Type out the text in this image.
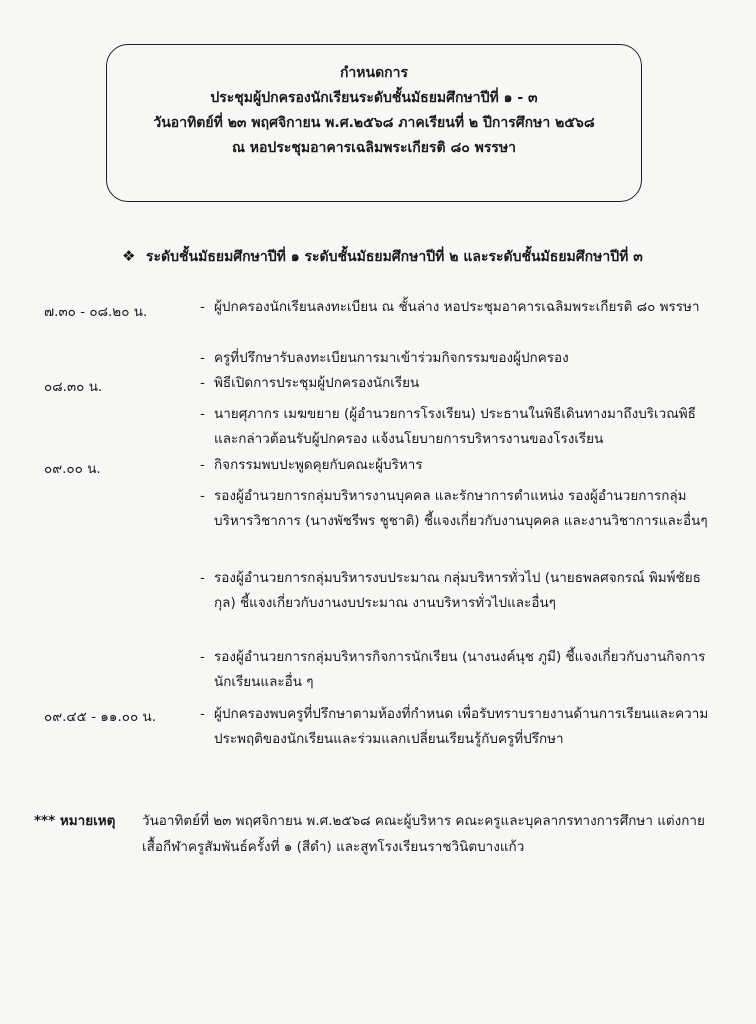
กำหนดการ
ประชุมผู้ปกครองนักเรียนระดับชั้นมัธยมศึกษาปีที่ ๑ - ๓
วันอาทิตย์ที่ ๒๓ พฤศจิกายน พ.ศ.๒๕๖๘ ภาคเรียนที่ ๒ ปีการศึกษา ๒๕๖๘
ณ หอประชุมอาคารเฉลิมพระเกียรติ ๘๐ พรรษา
❖ ระดับชั้นมัธยมศึกษาปีที่ ๑ ระดับชั้นมัธยมศึกษาปีที่ ๒ และระดับชั้นมัธยมศึกษาปีที่ ๓
๗.๓๐ - ๐๘.๒๐ น.
๐๘.๓๐ น.
๐๙.๐๐ น.
๐๙.๔๕ - ๑๑.๐๐ น.
- ผู้ปกครองนักเรียนลงทะเบียน ณ ชั้นล่าง หอประชุมอาคารเฉลิมพระเกียรติ ๘๐ พรรษา
- ครูที่ปรึกษารับลงทะเบียนการมาเข้าร่วมกิจกรรมของผู้ปกครอง
- พิธีเปิดการประชุมผู้ปกครองนักเรียน
- นายศุภากร เมฆขยาย (ผู้อำนวยการโรงเรียน) ประธานในพิธีเดินทางมาถึงบริเวณพิธี และกล่าวต้อนรับผู้ปกครอง แจ้งนโยบายการบริหารงานของโรงเรียน
- กิจกรรมพบปะพูดคุยกับคณะผู้บริหาร
- รองผู้อำนวยการกลุ่มบริหารงานบุคคล และรักษาการตำแหน่ง รองผู้อำนวยการกลุ่มบริหารวิชาการ (นางพัชรีพร ชูชาติ) ชี้แจงเกี่ยวกับงานบุคคล และงานวิชาการและอื่นๆ
- รองผู้อำนวยการกลุ่มบริหารงบประมาณ กลุ่มบริหารทั่วไป (นายธพลศจกรณ์ พิมพ์ชัยธกุล) ชี้แจงเกี่ยวกับงานงบประมาณ งานบริหารทั่วไปและอื่นๆ
- รองผู้อำนวยการกลุ่มบริหารกิจการนักเรียน (นางนงค์นุช ภูมี) ชี้แจงเกี่ยวกับงานกิจการนักเรียนและอื่น ๆ
- ผู้ปกครองพบครูที่ปรึกษาตามห้องที่กำหนด เพื่อรับทราบรายงานด้านการเรียนและความประพฤติของนักเรียนและร่วมแลกเปลี่ยนเรียนรู้กับครูที่ปรึกษา
*** หมายเหตุ วันอาทิตย์ที่ ๒๓ พฤศจิกายน พ.ศ.๒๕๖๘ คณะผู้บริหาร คณะครูและบุคลากรทางการศึกษา แต่งกายเสื้อกีฬาครูสัมพันธ์ครั้งที่ ๑ (สีดำ) และสูทโรงเรียนราชวินิตบางแก้ว
